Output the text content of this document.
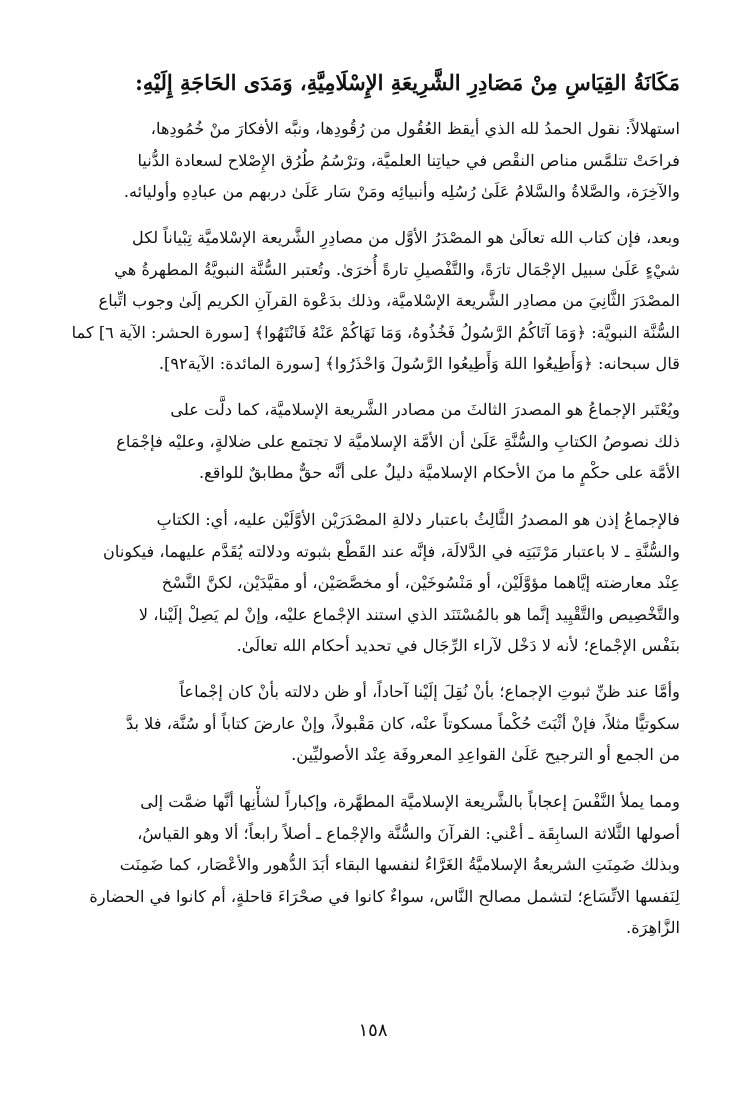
مَكَانَةُ القِيَاسِ مِنْ مَصَادِرِ الشَّرِيعَةِ الإِسْلَامِيَّةِ، وَمَدَى الحَاجَةِ إِلَيْهِ:
استهلالاً: نقول الحمدُ لله الذي أيقظ العُقُول من رُقُودِها، ونبَّه الأفكارَ منْ خُمُودِها،
فراحَتْ تتلمَّس مناص النقْص في حياتِنا العلميَّة، وترْسُمُ طُرُق الإِصْلاح لسعادة الدُّنيا
والآخِرَة، والصَّلاةُ والسَّلامُ عَلَىٰ رُسُلِه وأنبيائِه ومَنْ سَار عَلَىٰ دربهم من عبادِهِ وأوليائه.
وبعد، فإن كتاب الله تعالَىٰ هو المصْدَرُ الأوَّل من مصادِرِ الشَّريعة الإسْلاميَّة تِبْياناً لكل
شيْءٍ عَلَىٰ سبيل الإجْمَال تارَةً، والتَّفْصيلِ تارةً أُخرَىٰ. وتُعتبر السُّنَّة النبويَّةُ المطهرةُ هي
المصْدَرَ الثَّانِيَ من مصادِر الشَّريعة الإسْلاميَّة، وذلك بدَعْوة القرآنِ الكريم إلَىٰ وجوب اتِّباع
السُّنَّة النبويَّة: ﴿وَمَا آتَاكُمُ الرَّسُولُ فَخُذُوهُ، وَمَا نَهَاكُمْ عَنْهُ فَانْتَهُوا﴾ [سورة الحشر: الآية ٦] كما
قال سبحانه: ﴿وَأَطِيعُوا اللهَ وَأَطِيعُوا الرَّسُولَ وَاحْذَرُوا﴾ [سورة المائدة: الآية٩٢].
ويُعْتَبر الإجماعُ هو المصدرَ الثالثَ من مصادر الشَّريعة الإسلاميَّة، كما دلَّت على
ذلك نصوصُ الكتابِ والسُّنَّةِ عَلَىٰ أن الأمَّة الإسلاميَّة لا تجتمع على ضلالةٍ، وعليْه فإجْمَاع
الأمَّة على حكْمٍ ما منَ الأحكام الإسلاميَّة دليلٌ على أنَّه حقٌّ مطابقٌ للواقع.
فالإجماعُ إذن هو المصدرُ الثَّالِثُ باعتبار دلالةِ المصْدَرَيْن الأوَّلَيْن عليه، أي: الكتابِ
والسُّنَّةِ ـ لا باعتبار مَرْتَبَتِه في الدَّلالَة، فإنَّه عند القَطْع بثبوته ودلالته يُقَدَّم عليهما، فيكونان
عِنْد معارضته إيَّاهما مؤوَّلَيْن، أو مَنْسُوخَيْن، أو مخصَّصَيْن، أو مقيَّدَيْن، لكنَّ النَّسْخ
والتَّخْصِيص والتَّقْيِيد إنَّما هو بالمُسْتَنَد الذي استند الإجْماع عليْه، وإنْ لم يَصِلْ إلَيْنا، لا
بنَفْس الإجْماع؛ لأنه لا دَخْل لآراء الرِّجَال في تحديد أحكام الله تعالَىٰ.
وأمَّا عند ظنِّ ثبوتِ الإجماع؛ بأنْ نُقِلَ إلَيْنا آحاداً، أو ظن دلالته بأنْ كان إجْماعاً
سكوتيًّا مثلاً، فإنْ أثْبَتَ حُكْماً مسكوتاً عنْه، كان مَقْبولاً، وإنْ عارضَ كتاباً أو سُنَّة، فلا بدَّ
من الجمع أو الترجيح عَلَىٰ القواعِدِ المعروفَة عِنْد الأصوليِّين.
ومما يملأ النَّفْسَ إعجاباً بالشَّريعة الإسلاميَّة المطهَّرة، وإكباراً لشأْنِها أنَّها ضمَّت إلى
أصولها الثَّلاثة السابِقَة ـ أعْني: القرآنَ والسُّنَّة والإجْماع ـ أصلاً رابعاً؛ ألا وهو القياسُ،
وبذلك ضَمِنَتِ الشريعةُ الإسلاميَّةُ الغَرَّاءُ لنفسها البقاء أبَدَ الدُّهور والأعْصَار، كما ضَمِنَت
لِنَفسها الاتِّسَاع؛ لتشمل مصالح النَّاس، سواءٌ كانوا في صحْرَاءَ قاحلةٍ، أم كانوا في الحضارة
الزَّاهِرَة.
١٥٨
